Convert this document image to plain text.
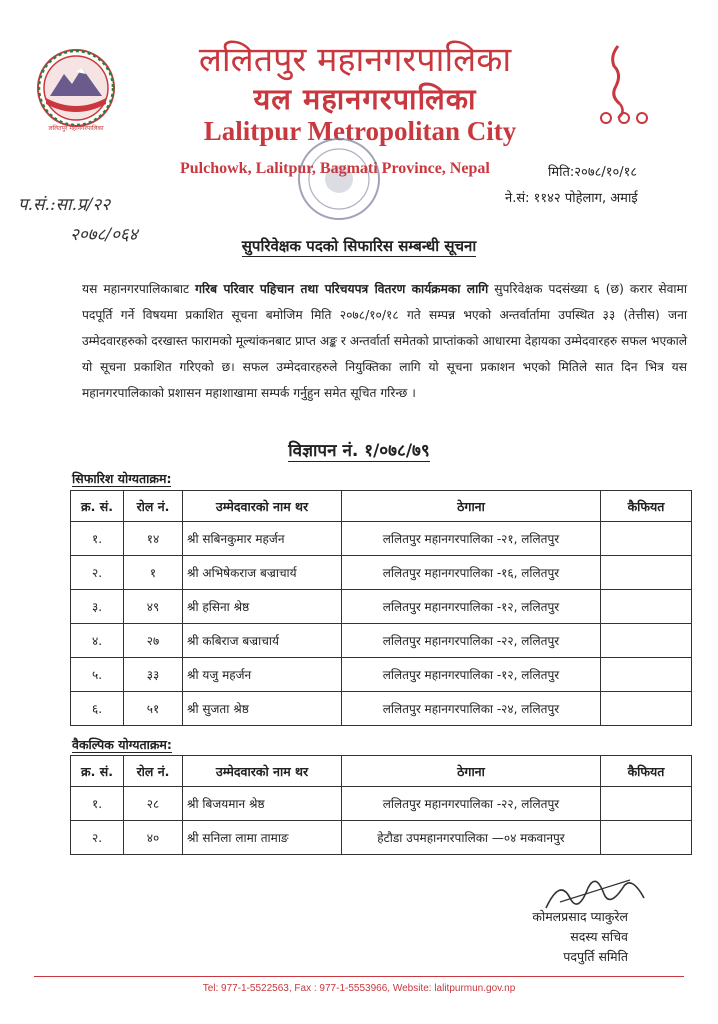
ललितपुर महानगरपालिका
ललितपुर महानगरपालिका
यल महानगरपालिका
Lalitpur Metropolitan City
Pulchowk, Lalitpur, Bagmati Province, Nepal	मिति:२०७८/१०/१८
ने.सं: ११४२ पोहेलाग, अमाई
प.सं.:सा.प्र/२२
२०७८/०६४
सुपरिवेक्षक पदको सिफारिस सम्बन्धी सूचना
यस महानगरपालिकाबाट गरिब परिवार पहिचान तथा परिचयपत्र वितरण कार्यक्रमका लागि सुपरिवेक्षक पदसंख्या ६ (छ) करार सेवामा पदपूर्ति गर्ने विषयमा प्रकाशित सूचना बमोजिम मिति २०७८/१०/१८ गते सम्पन्न भएको अन्तर्वार्तामा उपस्थित ३३ (तेत्तीस) जना उम्मेदवारहरुको दरखास्त फारामको मूल्यांकनबाट प्राप्त अङ्क र अन्तर्वार्ता समेतको प्राप्तांकको आधारमा देहायका उम्मेदवारहरु सफल भएकाले यो सूचना प्रकाशित गरिएको छ। सफल उम्मेदवारहरुले नियुक्तिका लागि यो सूचना प्रकाशन भएको मितिले सात दिन भित्र यस महानगरपालिकाको प्रशासन महाशाखामा सम्पर्क गर्नुहुन समेत सूचित गरिन्छ ।
विज्ञापन नं. १/०७८/७९
सिफारिश योग्यताक्रम:
क्र. सं.	रोल नं.	उम्मेदवारको नाम थर	ठेगाना	कैफियत
१.	१४	श्री सबिनकुमार महर्जन	ललितपुर महानगरपालिका -२१, ललितपुर	
२.	१	श्री अभिषेकराज बज्राचार्य	ललितपुर महानगरपालिका -१६, ललितपुर	
३.	४९	श्री हसिना श्रेष्ठ	ललितपुर महानगरपालिका -१२, ललितपुर	
४.	२७	श्री कबिराज बज्राचार्य	ललितपुर महानगरपालिका -२२, ललितपुर	
५.	३३	श्री यजु महर्जन	ललितपुर महानगरपालिका -१२, ललितपुर	
६.	५१	श्री सुजता श्रेष्ठ	ललितपुर महानगरपालिका -२४, ललितपुर	
वैकल्पिक योग्यताक्रम:
क्र. सं.	रोल नं.	उम्मेदवारको नाम थर	ठेगाना	कैफियत
१.	२८	श्री बिजयमान श्रेष्ठ	ललितपुर महानगरपालिका -२२, ललितपुर	
२.	४०	श्री सनिला लामा तामाङ	हेटौडा उपमहानगरपालिका —०४ मकवानपुर	
कोमलप्रसाद प्याकुरेल
सदस्य सचिव
पदपुर्ति समिति
Tel: 977-1-5522563, Fax : 977-1-5553966, Website: lalitpurmun.gov.np
